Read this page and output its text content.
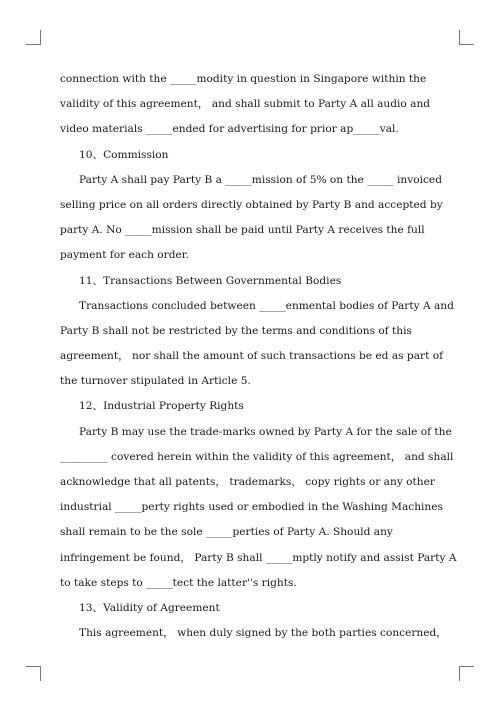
connection with the _____modity in question in Singapore within the
validity of this agreement， and shall submit to Party A all audio and
video materials _____ended for advertising for prior ap_____val.
10、Commission
Party A shall pay Party B a _____mission of 5% on the _____ invoiced
selling price on all orders directly obtained by Party B and accepted by
party A. No _____mission shall be paid until Party A receives the full
payment for each order.
11、Transactions Between Governmental Bodies
Transactions concluded between _____enmental bodies of Party A and
Party B shall not be restricted by the terms and conditions of this
agreement， nor shall the amount of such transactions be ed as part of
the turnover stipulated in Article 5.
12、Industrial Property Rights
Party B may use the trade-marks owned by Party A for the sale of the
_________ covered herein within the validity of this agreement， and shall
acknowledge that all patents， trademarks， copy rights or any other
industrial _____perty rights used or embodied in the Washing Machines
shall remain to be the sole _____perties of Party A. Should any
infringement be found， Party B shall _____mptly notify and assist Party A
to take steps to _____tect the latter''s rights.
13、Validity of Agreement
This agreement， when duly signed by the both parties concerned，
